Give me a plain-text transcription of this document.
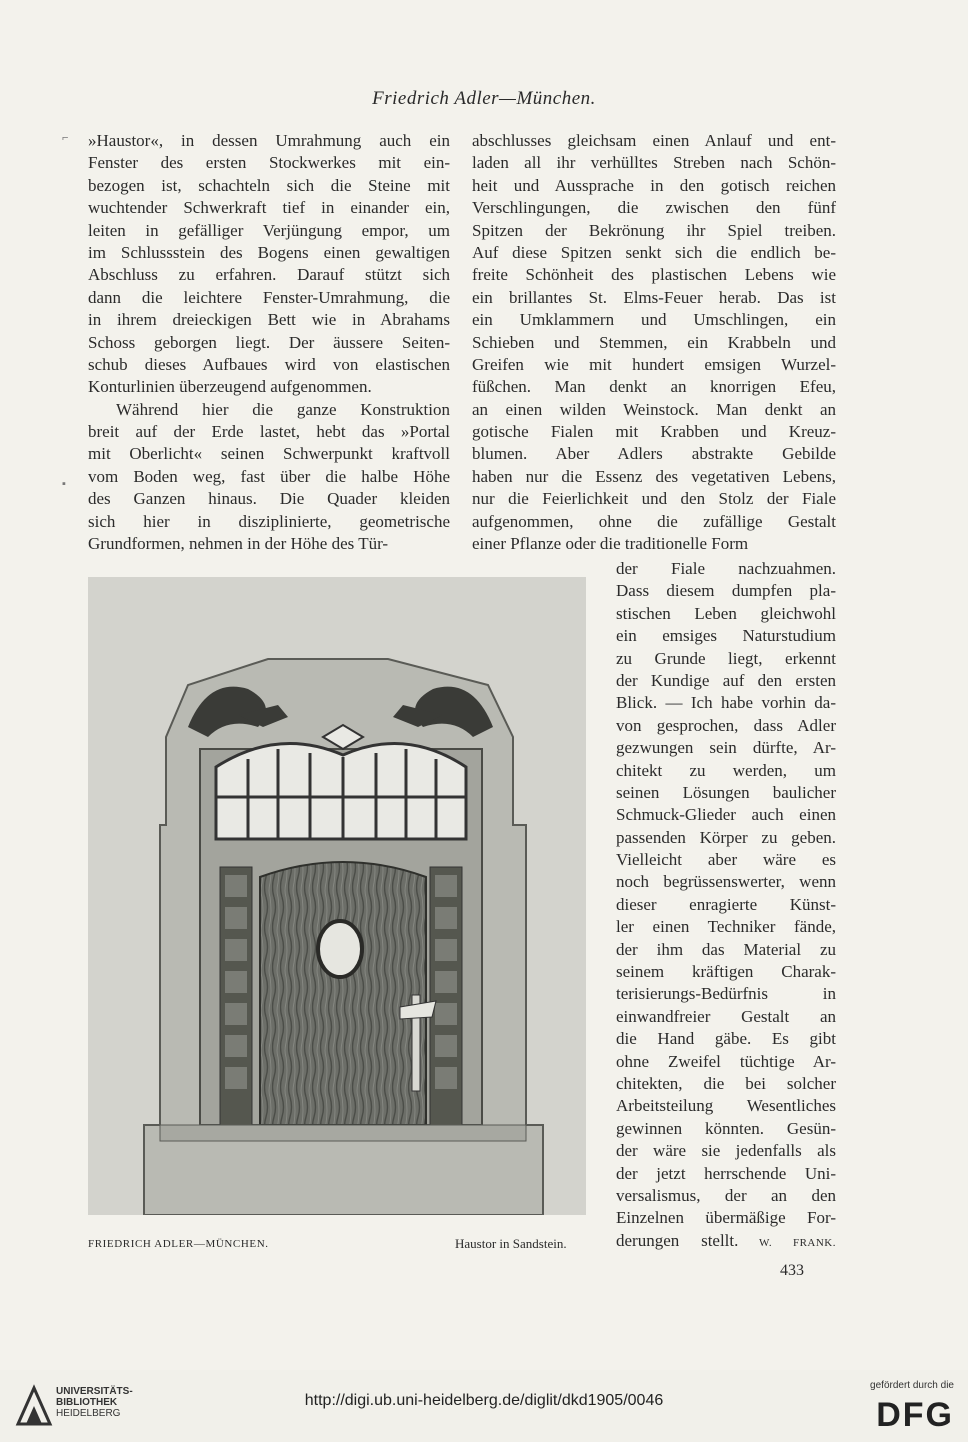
Friedrich Adler—München.
»Haustor«, in dessen Umrahmung auch ein
Fenster des ersten Stockwerkes mit ein-
bezogen ist, schachteln sich die Steine mit
wuchtender Schwerkraft tief in einander ein,
leiten in gefälliger Verjüngung empor, um
im Schlussstein des Bogens einen gewaltigen
Abschluss zu erfahren. Darauf stützt sich
dann die leichtere Fenster-Umrahmung, die
in ihrem dreieckigen Bett wie in Abrahams
Schoss geborgen liegt. Der äussere Seiten-
schub dieses Aufbaues wird von elastischen
Konturlinien überzeugend aufgenommen.
Während hier die ganze Konstruktion
breit auf der Erde lastet, hebt das »Portal
mit Oberlicht« seinen Schwerpunkt kraftvoll
vom Boden weg, fast über die halbe Höhe
des Ganzen hinaus. Die Quader kleiden
sich hier in disziplinierte, geometrische
Grundformen, nehmen in der Höhe des Tür-
abschlusses gleichsam einen Anlauf und ent-
laden all ihr verhülltes Streben nach Schön-
heit und Aussprache in den gotisch reichen
Verschlingungen, die zwischen den fünf
Spitzen der Bekrönung ihr Spiel treiben.
Auf diese Spitzen senkt sich die endlich be-
freite Schönheit des plastischen Lebens wie
ein brillantes St. Elms-Feuer herab. Das ist
ein Umklammern und Umschlingen, ein
Schieben und Stemmen, ein Krabbeln und
Greifen wie mit hundert emsigen Wurzel-
füßchen. Man denkt an knorrigen Efeu,
an einen wilden Weinstock. Man denkt an
gotische Fialen mit Krabben und Kreuz-
blumen. Aber Adlers abstrakte Gebilde
haben nur die Essenz des vegetativen Lebens,
nur die Feierlichkeit und den Stolz der Fiale
aufgenommen, ohne die zufällige Gestalt
einer Pflanze oder die traditionelle Form
der Fiale nachzuahmen.
Dass diesem dumpfen pla-
stischen Leben gleichwohl
ein emsiges Naturstudium
zu Grunde liegt, erkennt
der Kundige auf den ersten
Blick. — Ich habe vorhin da-
von gesprochen, dass Adler
gezwungen sein dürfte, Ar-
chitekt zu werden, um
seinen Lösungen baulicher
Schmuck-Glieder auch einen
passenden Körper zu geben.
Vielleicht aber wäre es
noch begrüssenswerter, wenn
dieser enragierte Künst-
ler einen Techniker fände,
der ihm das Material zu
seinem kräftigen Charak-
terisierungs-Bedürfnis in
einwandfreier Gestalt an
die Hand gäbe. Es gibt
ohne Zweifel tüchtige Ar-
chitekten, die bei solcher
Arbeitsteilung Wesentliches
gewinnen könnten. Gesün-
der wäre sie jedenfalls als
der jetzt herrschende Uni-
versalismus, der an den
Einzelnen übermäßige For-
derungen stellt. W. FRANK.
⌐
▪
FRIEDRICH ADLER—MÜNCHEN.	Haustor in Sandstein.
433
UNIVERSITÄTS-
BIBLIOTHEK
HEIDELBERG
http://digi.ub.uni-heidelberg.de/diglit/dkd1905/0046
gefördert durch die
DFG
